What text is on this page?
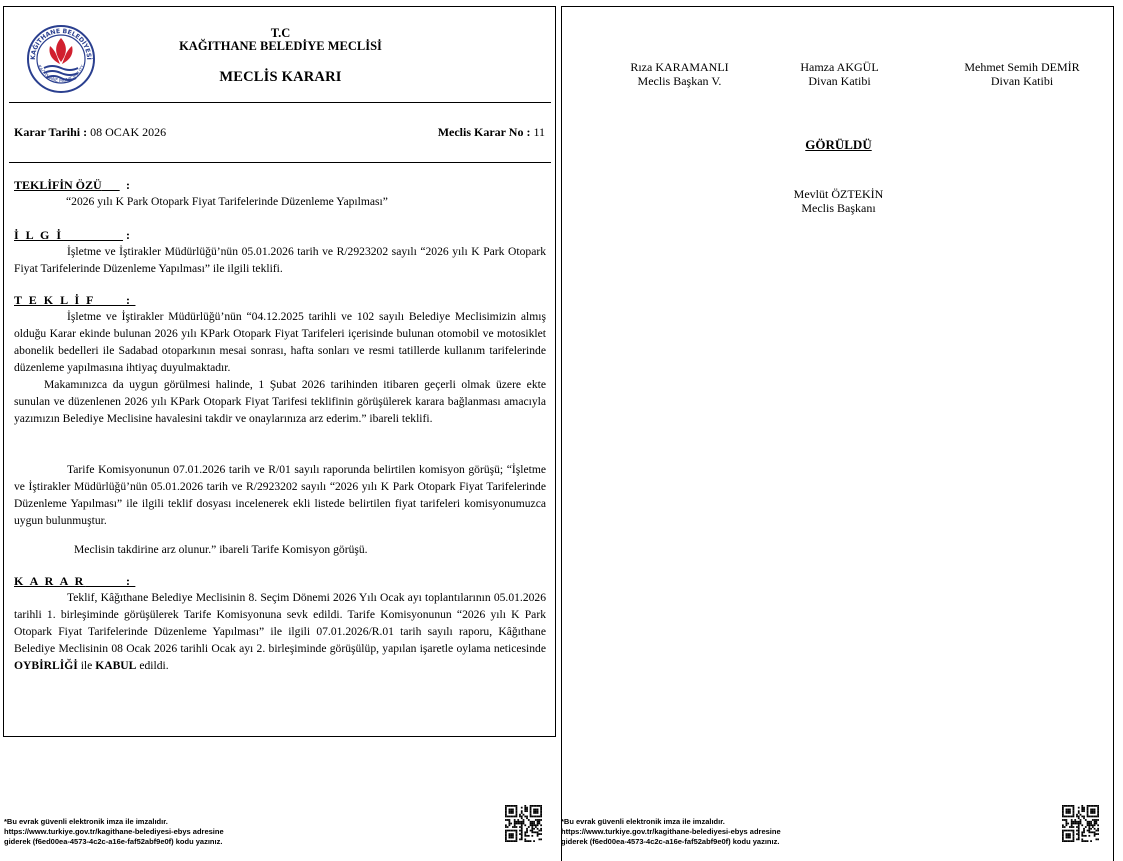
KAĞITHANE BELEDİYESİ
KAĞITHANE MUNICIPALITY
T.C
KAĞITHANE BELEDİYE MECLİSİ
MECLİS KARARI
Karar Tarihi : 08 OCAK 2026	Meclis Karar No : 11
TEKLİFİN ÖZÜ :
“2026 yılı K Park Otopark Fiyat Tarifelerinde Düzenleme Yapılması”
İ L G İ	:
İşletme ve İştirakler Müdürlüğü’nün 05.01.2026 tarih ve R/2923202 sayılı “2026 yılı K Park Otopark Fiyat Tarifelerinde Düzenleme Yapılması” ile ilgili teklifi.
T E K L İ F	:
İşletme ve İştirakler Müdürlüğü’nün “04.12.2025 tarihli ve 102 sayılı Belediye Meclisimizin almış olduğu Karar ekinde bulunan 2026 yılı KPark Otopark Fiyat Tarifeleri içerisinde bulunan otomobil ve motosiklet abonelik bedelleri ile Sadabad otoparkının mesai sonrası, hafta sonları ve resmi tatillerde kullanım tarifelerinde düzenleme yapılmasına ihtiyaç duyulmaktadır.
Makamınızca da uygun görülmesi halinde, 1 Şubat 2026 tarihinden itibaren geçerli olmak üzere ekte sunulan ve düzenlenen 2026 yılı KPark Otopark Fiyat Tarifesi teklifinin görüşülerek karara bağlanması amacıyla yazımızın Belediye Meclisine havalesini takdir ve onaylarınıza arz ederim.” ibareli teklifi.
Tarife Komisyonunun 07.01.2026 tarih ve R/01 sayılı raporunda belirtilen komisyon görüşü; “İşletme ve İştirakler Müdürlüğü’nün 05.01.2026 tarih ve R/2923202 sayılı “2026 yılı K Park Otopark Fiyat Tarifelerinde Düzenleme Yapılması” ile ilgili teklif dosyası incelenerek ekli listede belirtilen fiyat tarifeleri komisyonumuzca uygun bulunmuştur.
Meclisin takdirine arz olunur.” ibareli Tarife Komisyon görüşü.
K A R A R	:
Teklif, Kâğıthane Belediye Meclisinin 8. Seçim Dönemi 2026 Yılı Ocak ayı toplantılarının 05.01.2026 tarihli 1. birleşiminde görüşülerek Tarife Komisyonuna sevk edildi. Tarife Komisyonunun “2026 yılı K Park Otopark Fiyat Tarifelerinde Düzenleme Yapılması” ile ilgili 07.01.2026/R.01 tarih sayılı raporu, Kâğıthane Belediye Meclisinin 08 Ocak 2026 tarihli Ocak ayı 2. birleşiminde görüşülüp, yapılan işaretle oylama neticesinde OYBİRLİĞİ ile KABUL edildi.
Rıza KARAMANLI
Meclis Başkan V.
Hamza AKGÜL
Divan Katibi
Mehmet Semih DEMİR
Divan Katibi
GÖRÜLDÜ
Mevlüt ÖZTEKİN
Meclis Başkanı
*Bu evrak güvenli elektronik imza ile imzalıdır.
https://www.turkiye.gov.tr/kagithane-belediyesi-ebys adresine
giderek (f6ed00ea-4573-4c2c-a16e-faf52abf9e0f) kodu yazınız.
*Bu evrak güvenli elektronik imza ile imzalıdır.
https://www.turkiye.gov.tr/kagithane-belediyesi-ebys adresine
giderek (f6ed00ea-4573-4c2c-a16e-faf52abf9e0f) kodu yazınız.
